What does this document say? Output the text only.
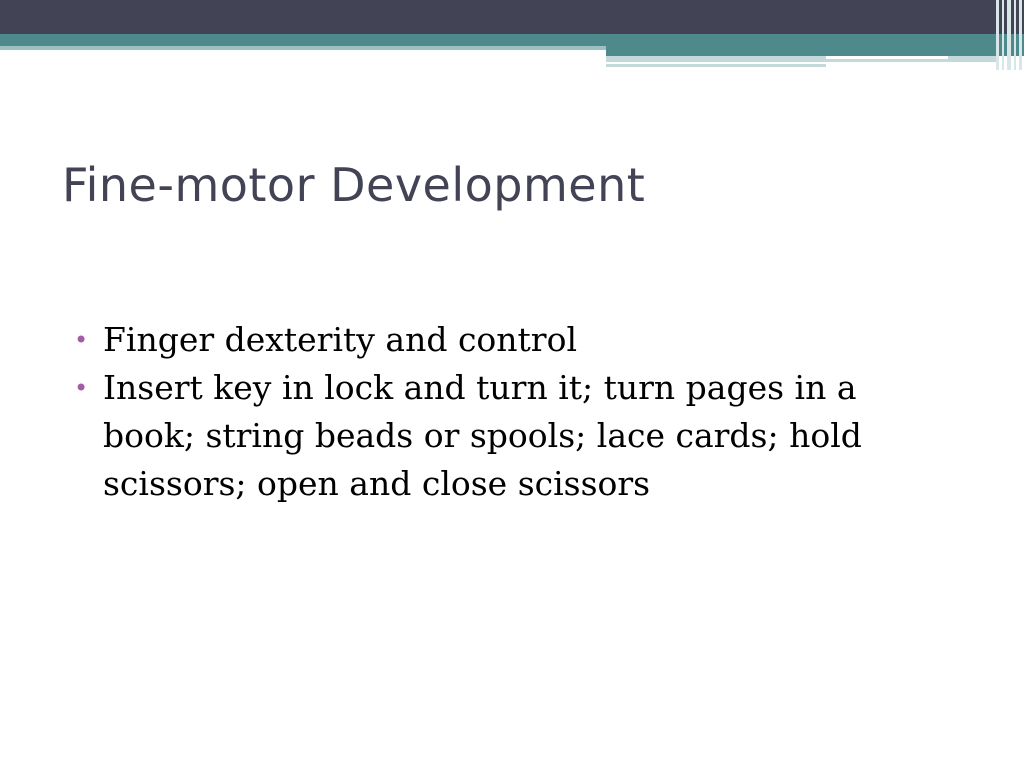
Fine-motor Development
• Finger dexterity and control
• Insert key in lock and turn it; turn pages in a book; string beads or spools; lace cards; hold scissors; open and close scissors
